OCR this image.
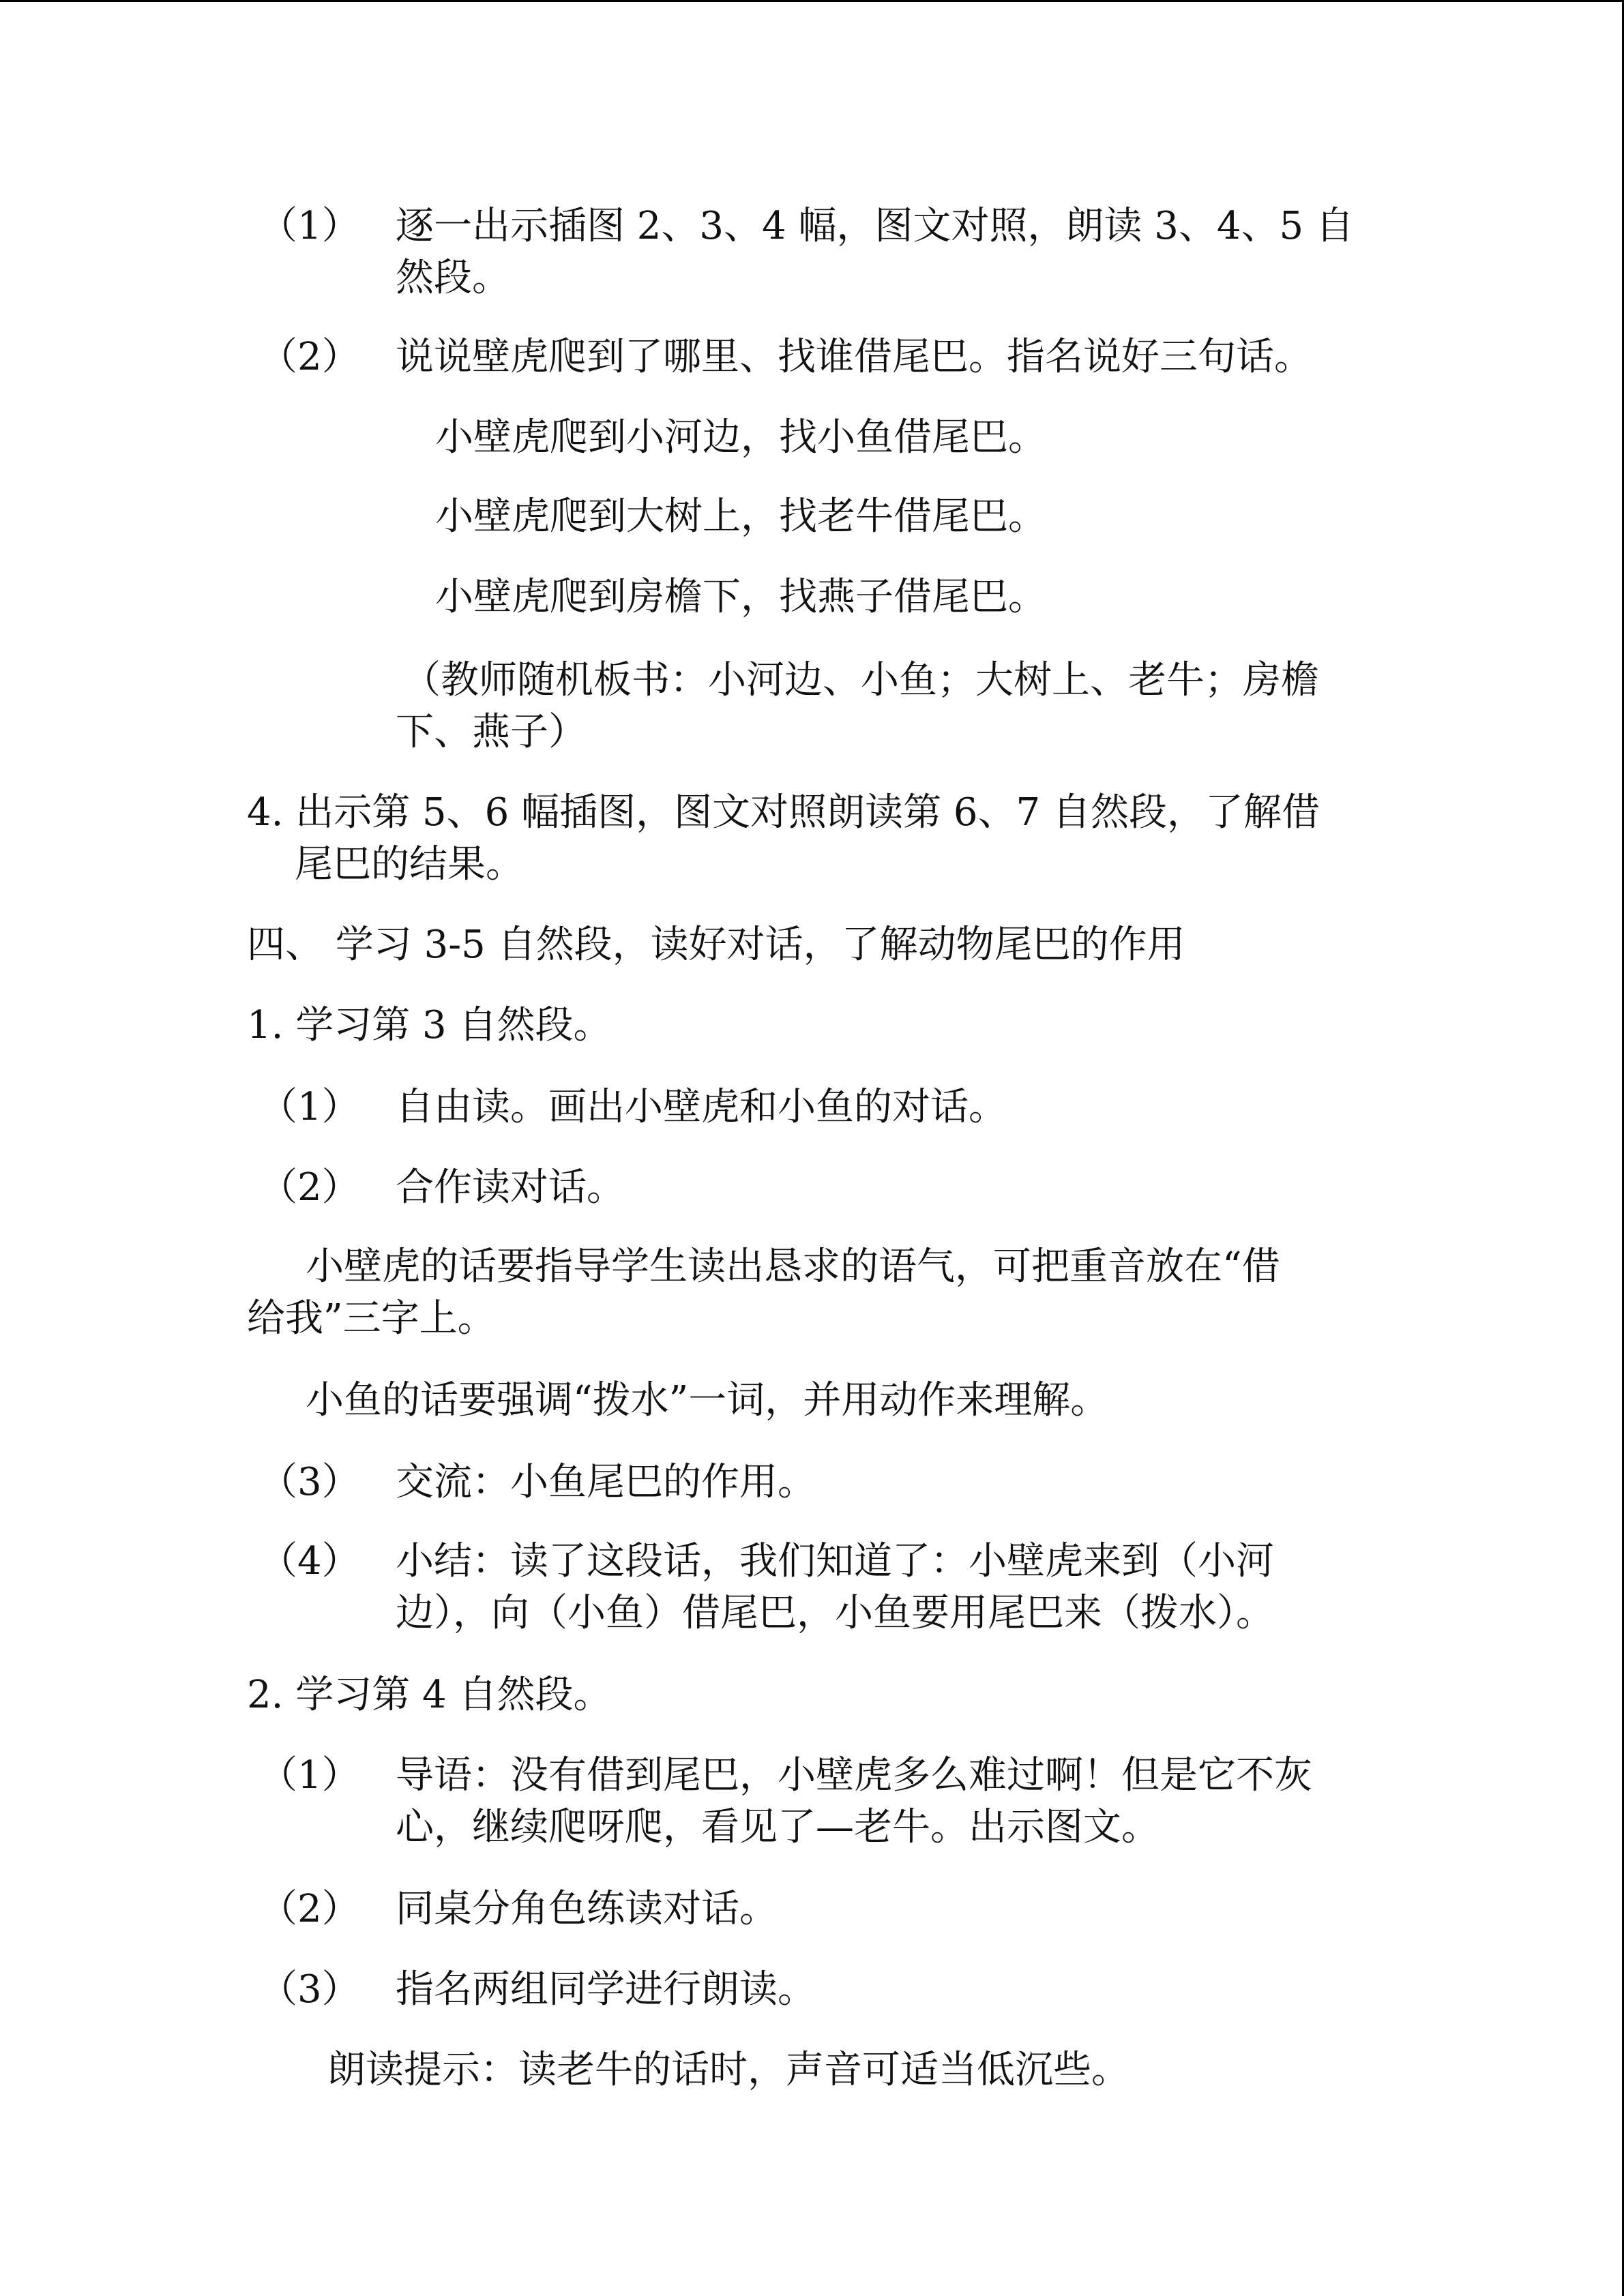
（1） 逐一出示插图 2、3、4 幅，图文对照，朗读 3、4、5 自
然段。
（2） 说说壁虎爬到了哪里、找谁借尾巴。指名说好三句话。
小壁虎爬到小河边，找小鱼借尾巴。
小壁虎爬到大树上，找老牛借尾巴。
小壁虎爬到房檐下，找燕子借尾巴。
（教师随机板书：小河边、小鱼；大树上、老牛；房檐
下、燕子）
4. 出示第 5、6 幅插图，图文对照朗读第 6、7 自然段，了解借
尾巴的结果。
四、 学习 3-5 自然段，读好对话，了解动物尾巴的作用
1. 学习第 3 自然段。
（1） 自由读。画出小壁虎和小鱼的对话。
（2） 合作读对话。
小壁虎的话要指导学生读出恳求的语气，可把重音放在“借
给我”三字上。
小鱼的话要强调“拨水”一词，并用动作来理解。
（3） 交流：小鱼尾巴的作用。
（4） 小结：读了这段话，我们知道了：小壁虎来到（小河
边），向（小鱼）借尾巴，小鱼要用尾巴来（拨水）。
2. 学习第 4 自然段。
（1） 导语：没有借到尾巴，小壁虎多么难过啊！但是它不灰
心，继续爬呀爬，看见了—老牛。出示图文。
（2） 同桌分角色练读对话。
（3） 指名两组同学进行朗读。
朗读提示：读老牛的话时，声音可适当低沉些。
